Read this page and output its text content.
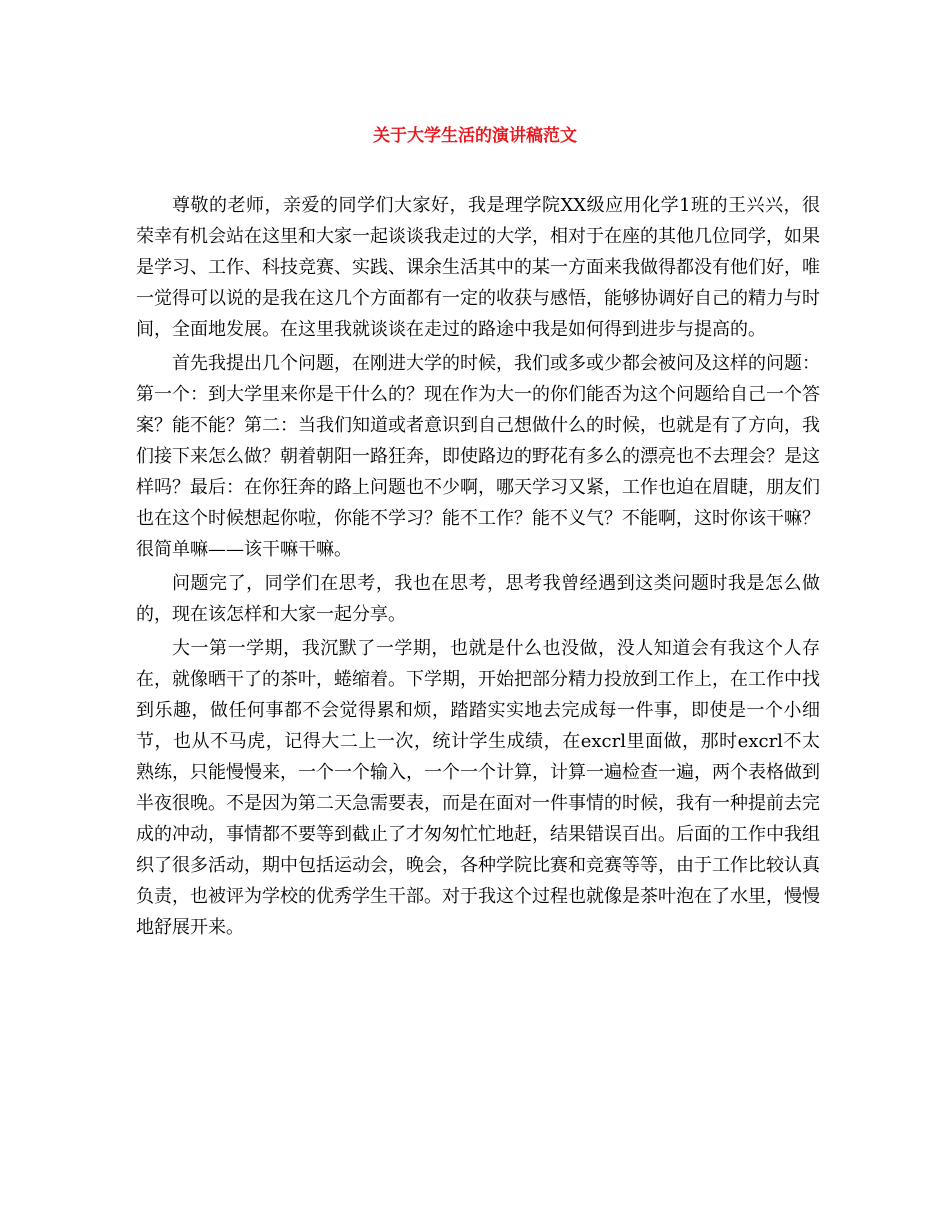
关于大学生活的演讲稿范文

尊敬的老师，亲爱的同学们大家好，我是理学院XX级应用化学1班的王兴兴，很荣幸有机会站在这里和大家一起谈谈我走过的大学，相对于在座的其他几位同学，如果是学习、工作、科技竞赛、实践、课余生活其中的某一方面来我做得都没有他们好，唯一觉得可以说的是我在这几个方面都有一定的收获与感悟，能够协调好自己的精力与时间，全面地发展。在这里我就谈谈在走过的路途中我是如何得到进步与提高的。

首先我提出几个问题，在刚进大学的时候，我们或多或少都会被问及这样的问题：第一个：到大学里来你是干什么的？现在作为大一的你们能否为这个问题给自己一个答案？能不能？第二：当我们知道或者意识到自己想做什么的时候，也就是有了方向，我们接下来怎么做？朝着朝阳一路狂奔，即使路边的野花有多么的漂亮也不去理会？是这样吗？最后：在你狂奔的路上问题也不少啊，哪天学习又紧，工作也迫在眉睫，朋友们也在这个时候想起你啦，你能不学习？能不工作？能不义气？不能啊，这时你该干嘛？很简单嘛——该干嘛干嘛。

问题完了，同学们在思考，我也在思考，思考我曾经遇到这类问题时我是怎么做的，现在该怎样和大家一起分享。

大一第一学期，我沉默了一学期，也就是什么也没做，没人知道会有我这个人存在，就像晒干了的茶叶，蜷缩着。下学期，开始把部分精力投放到工作上，在工作中找到乐趣，做任何事都不会觉得累和烦，踏踏实实地去完成每一件事，即使是一个小细节，也从不马虎，记得大二上一次，统计学生成绩，在excrl里面做，那时excrl不太熟练，只能慢慢来，一个一个输入，一个一个计算，计算一遍检查一遍，两个表格做到半夜很晚。不是因为第二天急需要表，而是在面对一件事情的时候，我有一种提前去完成的冲动，事情都不要等到截止了才匆匆忙忙地赶，结果错误百出。后面的工作中我组织了很多活动，期中包括运动会，晚会，各种学院比赛和竞赛等等，由于工作比较认真负责，也被评为学校的优秀学生干部。对于我这个过程也就像是茶叶泡在了水里，慢慢地舒展开来。
